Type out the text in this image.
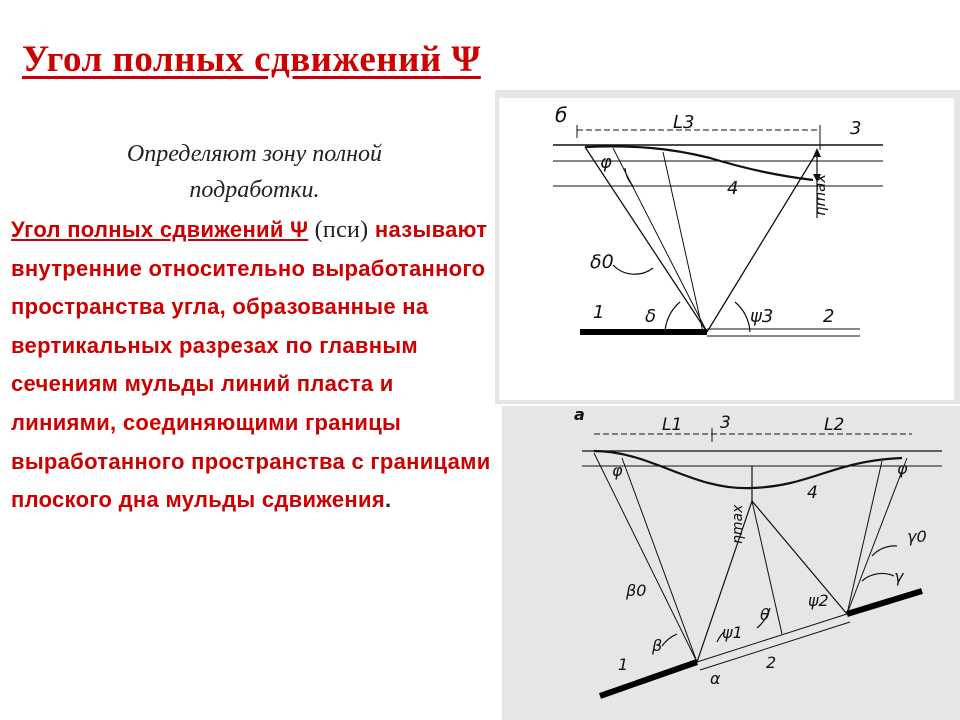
Угол полных сдвижений Ψ
Определяют зону полной
подработки.
Угол полных сдвижений Ψ (пси) называют внутренние относительно выработанного пространства угла, образованные на вертикальных разрезах по главным сечениям мульды линий пласта и линиями, соединяющими границы выработанного пространства с границами плоского дна мульды сдвижения.
б
3
L3
φ
4	ηmax
δ0
1 δ	ψ3	2
а
L1 3	L2
φ	φ
4
ηmax	γ0
γ
β0
θ
ψ2
β
ψ1
2
1
α
